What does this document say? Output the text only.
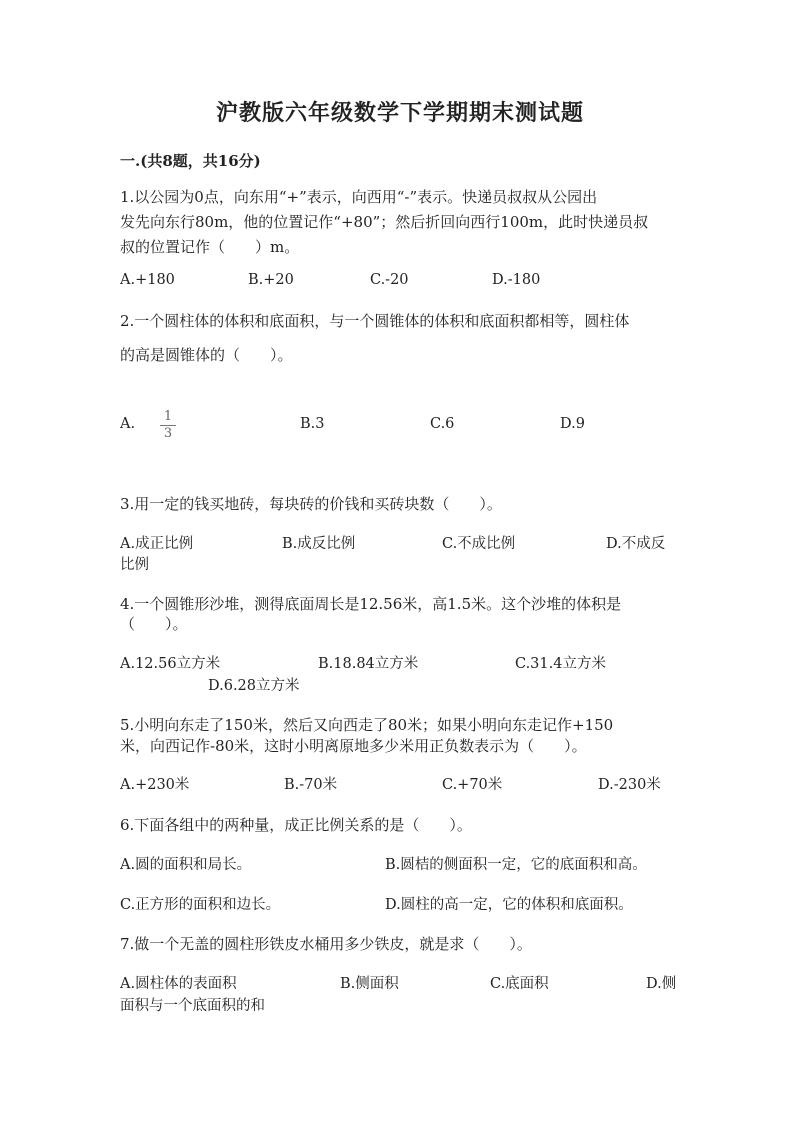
沪教版六年级数学下学期期末测试题
一.(共8题，共16分)
1.以公园为0点，向东用“+”表示，向西用“-”表示。快递员叔叔从公园出
发先向东行80m，他的位置记作“+80”；然后折回向西行100m，此时快递员叔
叔的位置记作（　　）m。
A.+180	B.+20	C.-20	D.-180
2.一个圆柱体的体积和底面积，与一个圆锥体的体积和底面积都相等，圆柱体
的高是圆锥体的（　　）。
A. 1
3
B.3	C.6	D.9
3.用一定的钱买地砖，每块砖的价钱和买砖块数（　　）。
A.成正比例	B.成反比例	C.不成比例	D.不成反
比例
4.一个圆锥形沙堆，测得底面周长是12.56米，高1.5米。这个沙堆的体积是
（　　）。
A.12.56立方米	B.18.84立方米	C.31.4立方米
D.6.28立方米
5.小明向东走了150米，然后又向西走了80米；如果小明向东走记作+150
米，向西记作-80米，这时小明离原地多少米用正负数表示为（　　）。
A.+230米	B.-70米	C.+70米	D.-230米
6.下面各组中的两种量，成正比例关系的是（　　）。
A.圆的面积和局长。	B.圆桔的侧面积一定，它的底面积和高。
C.正方形的面积和边长。	D.圆柱的高一定，它的体积和底面积。
7.做一个无盖的圆柱形铁皮水桶用多少铁皮，就是求（　　）。
A.圆柱体的表面积	B.侧面积	C.底面积	D.侧
面积与一个底面积的和
